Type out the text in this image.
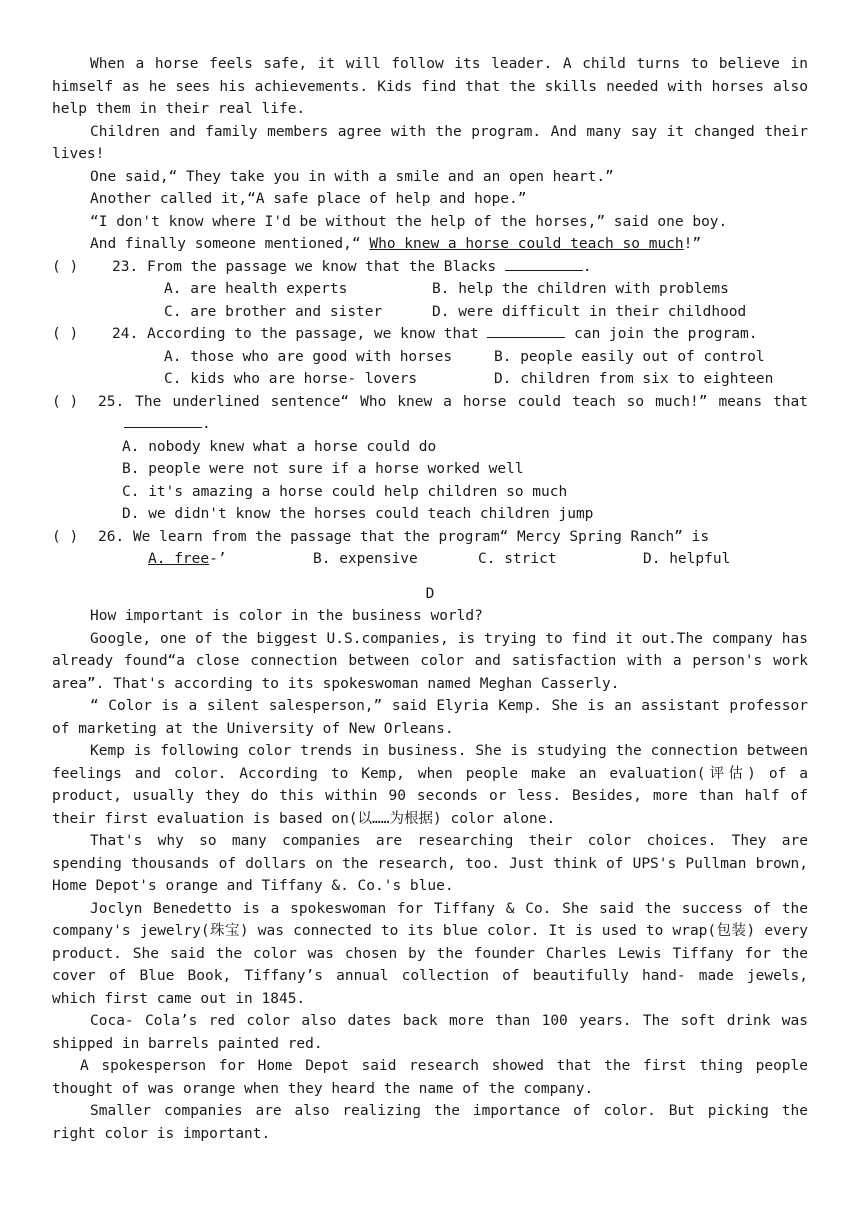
When a horse feels safe, it will follow its leader. A child turns to believe in himself as he sees his achievements. Kids find that the skills needed with horses also help them in their real life.

Children and family members agree with the program. And many say it changed their lives!

One said,“ They take you in with a smile and an open heart.”

Another called it,“A safe place of help and hope.”

“I don't know where I'd be without the help of the horses,” said one boy.

And finally someone mentioned,“ Who knew a horse could teach so much!”

( )	23. From the passage we know that the Blacks	.
A. are health experts	B. help the children with problems
C. are brother and sister	D. were difficult in their childhood
( )	24. According to the passage, we know that	can join the program.
A. those who are good with horses	B. people easily out of control
C. kids who are horse- lovers	D. children from six to eighteen
( )	25. The underlined sentence“ Who knew a horse could teach so much!” means that .
A. nobody knew what a horse could do
B. people were not sure if a horse worked well
C. it's amazing a horse could help children so much
D. we didn't know the horses could teach children jump
( )	26. We learn from the passage that the program“ Mercy Spring Ranch” is
A. free-’	B. expensive	C. strict	D. helpful

D

How important is color in the business world?

Google, one of the biggest U.S.companies, is trying to find it out.The company has already found“a close connection between color and satisfaction with a person's work area”. That's according to its spokeswoman named Meghan Casserly.

“ Color is a silent salesperson,” said Elyria Kemp. She is an assistant professor of marketing at the University of New Orleans.

Kemp is following color trends in business. She is studying the connection between feelings and color. According to Kemp, when people make an evaluation(评估) of a product, usually they do this within 90 seconds or less. Besides, more than half of their first evaluation is based on(以……为根据) color alone.

That's why so many companies are researching their color choices. They are spending thousands of dollars on the research, too. Just think of UPS's Pullman brown, Home Depot's orange and Tiffany &. Co.'s blue.

Joclyn Benedetto is a spokeswoman for Tiffany & Co. She said the success of the company's jewelry(珠宝) was connected to its blue color. It is used to wrap(包装) every product. She said the color was chosen by the founder Charles Lewis Tiffany for the cover of Blue Book, Tiffany’s annual collection of beautifully hand- made jewels, which first came out in 1845.

Coca- Cola’s red color also dates back more than 100 years. The soft drink was shipped in barrels painted red.

A spokesperson for Home Depot said research showed that the first thing people thought of was orange when they heard the name of the company.

Smaller companies are also realizing the importance of color. But picking the right color is important.
